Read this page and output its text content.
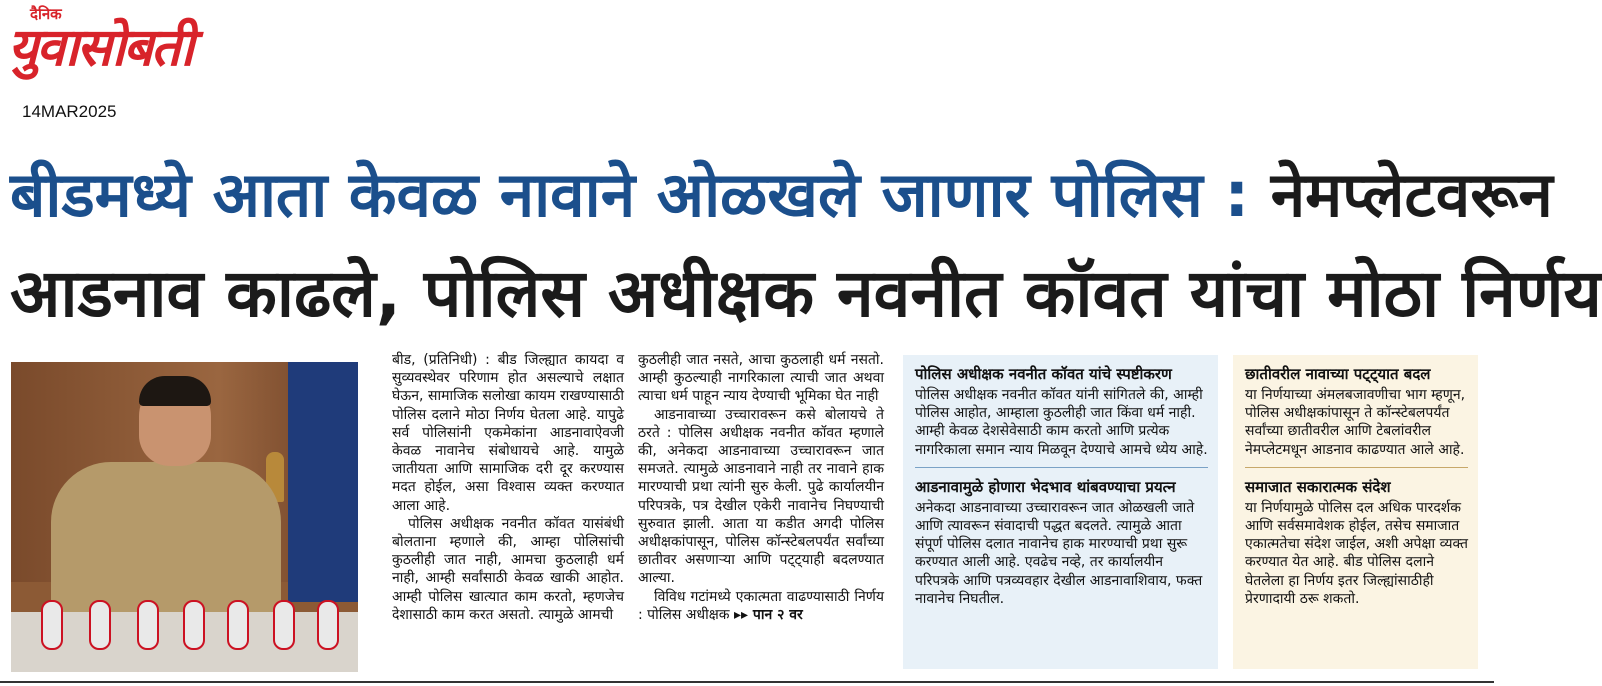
दैनिक
युवासोबती
14MAR2025
बीडमध्ये आता केवळ नावाने ओळखले जाणार पोलिस : नेमप्लेटवरून
आडनाव काढले, पोलिस अधीक्षक नवनीत कॉवत यांचा मोठा निर्णय

बीड, (प्रतिनिधी) : बीड जिल्ह्यात कायदा व सुव्यवस्थेवर परिणाम होत असल्याचे लक्षात घेऊन, सामाजिक सलोखा कायम राखण्यासाठी पोलिस दलाने मोठा निर्णय घेतला आहे. यापुढे सर्व पोलिसांनी एकमेकांना आडनावाऐवजी केवळ नावानेच संबोधायचे आहे. यामुळे जातीयता आणि सामाजिक दरी दूर करण्यास मदत होईल, असा विश्वास व्यक्त करण्यात आला आहे.

पोलिस अधीक्षक नवनीत कॉवत यासंबंधी बोलताना म्हणाले की, आम्हा पोलिसांची कुठलीही जात नाही, आमचा कुठलाही धर्म नाही, आम्ही सर्वांसाठी केवळ खाकी आहोत. आम्ही पोलिस खात्यात काम करतो, म्हणजेच देशासाठी काम करत असतो. त्यामुळे आमची

कुठलीही जात नसते, आचा कुठलाही धर्म नसतो. आम्ही कुठल्याही नागरिकाला त्याची जात अथवा त्याचा धर्म पाहून न्याय देण्याची भूमिका घेत नाही

आडनावाच्या उच्चारावरून कसे बोलायचे ते ठरते : पोलिस अधीक्षक नवनीत कॉवत म्हणाले की, अनेकदा आडनावाच्या उच्चारावरून जात समजते. त्यामुळे आडनावाने नाही तर नावाने हाक मारण्याची प्रथा त्यांनी सुरु केली. पुढे कार्यालयीन परिपत्रके, पत्र देखील एकेरी नावानेच निघण्याची सुरुवात झाली. आता या कडीत अगदी पोलिस अधीक्षकांपासून, पोलिस कॉन्स्टेबलपर्यंत सर्वांच्या छातीवर असणाऱ्या आणि पट्ट्याही बदलण्यात आल्या.

विविध गटांमध्ये एकात्मता वाढण्यासाठी निर्णय : पोलिस अधीक्षक ▸▸ पान २ वर

पोलिस अधीक्षक नवनीत कॉवत यांचे स्पष्टीकरण

पोलिस अधीक्षक नवनीत कॉवत यांनी सांगितले की, आम्ही पोलिस आहोत, आम्हाला कुठलीही जात किंवा धर्म नाही. आम्ही केवळ देशसेवेसाठी काम करतो आणि प्रत्येक नागरिकाला समान न्याय मिळवून देण्याचे आमचे ध्येय आहे.

आडनावामुळे होणारा भेदभाव थांबवण्याचा प्रयत्न

अनेकदा आडनावाच्या उच्चारावरून जात ओळखली जाते आणि त्यावरून संवादाची पद्धत बदलते. त्यामुळे आता संपूर्ण पोलिस दलात नावानेच हाक मारण्याची प्रथा सुरू करण्यात आली आहे. एवढेच नव्हे, तर कार्यालयीन परिपत्रके आणि पत्रव्यवहार देखील आडनावाशिवाय, फक्त नावानेच निघतील.

छातीवरील नावाच्या पट्ट्यात बदल

या निर्णयाच्या अंमलबजावणीचा भाग म्हणून, पोलिस अधीक्षकांपासून ते कॉन्स्टेबलपर्यंत सर्वांच्या छातीवरील आणि टेबलांवरील नेमप्लेटमधून आडनाव काढण्यात आले आहे.

समाजात सकारात्मक संदेश

या निर्णयामुळे पोलिस दल अधिक पारदर्शक आणि सर्वसमावेशक होईल, तसेच समाजात एकात्मतेचा संदेश जाईल, अशी अपेक्षा व्यक्त करण्यात येत आहे. बीड पोलिस दलाने घेतलेला हा निर्णय इतर जिल्ह्यांसाठीही प्रेरणादायी ठरू शकतो.
